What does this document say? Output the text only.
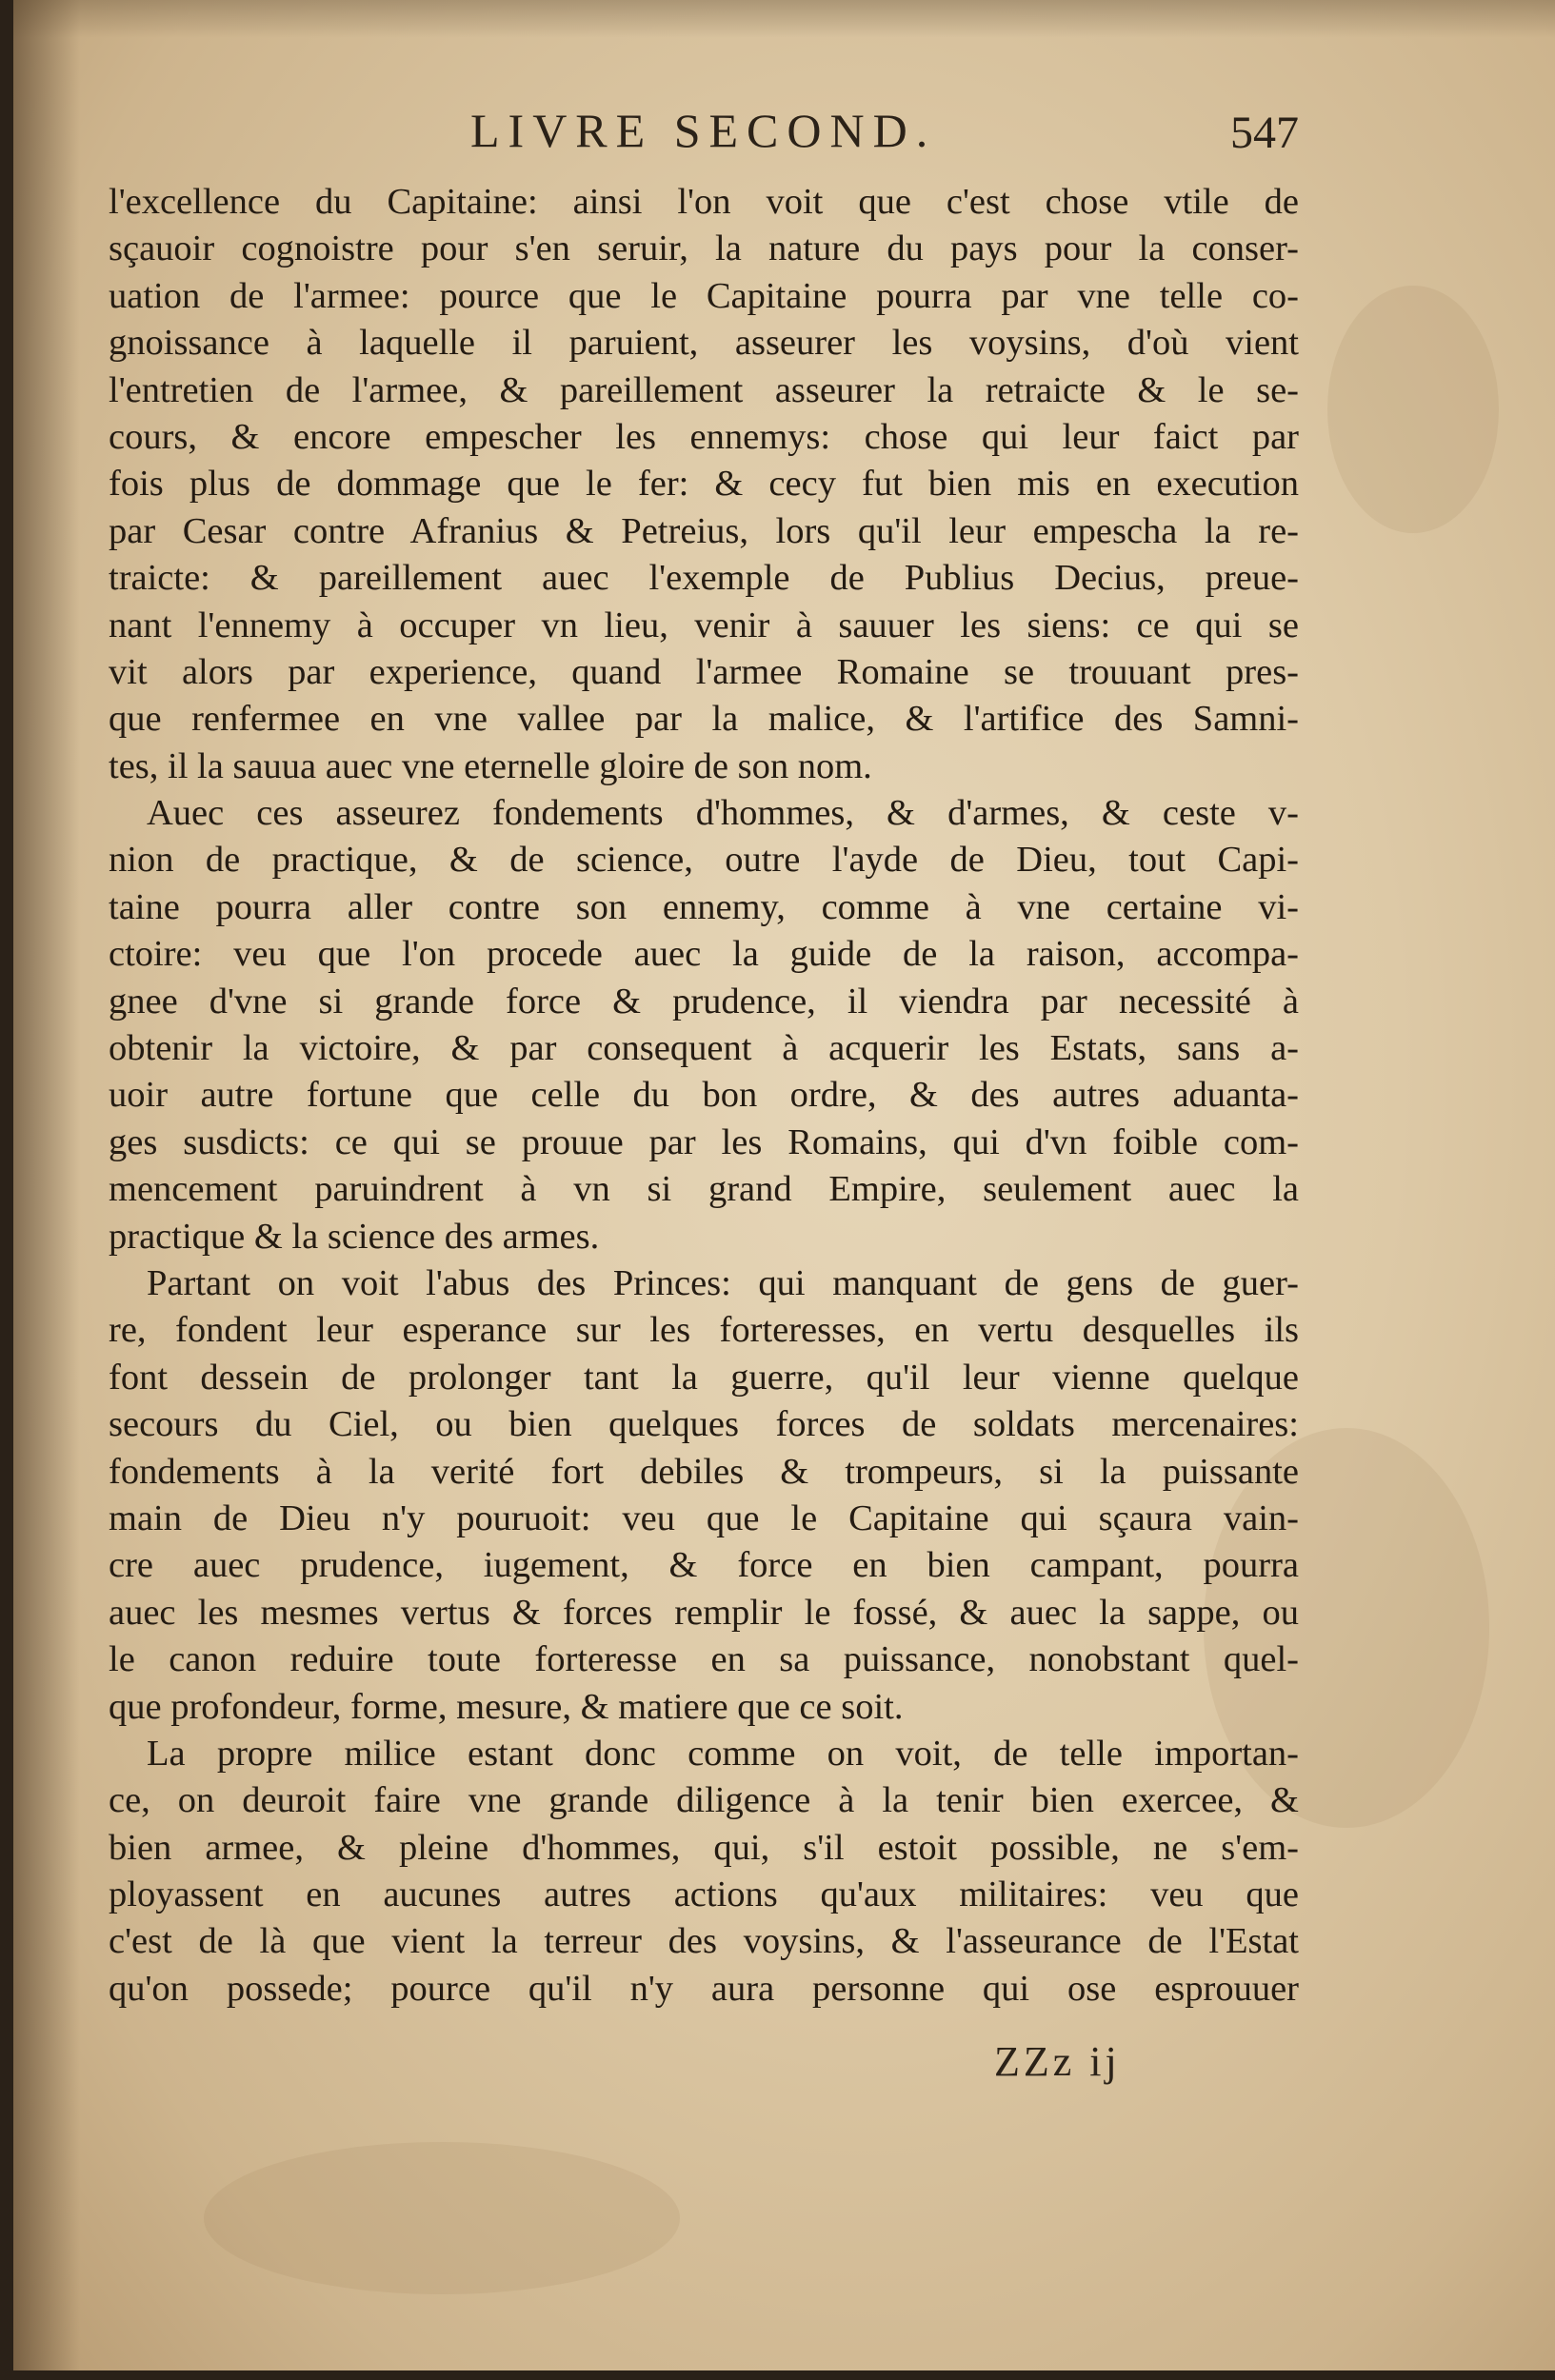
LIVRE SECOND.	547
l'excellence du Capitaine: ainsi l'on voit que c'est chose vtile de
sçauoir cognoistre pour s'en seruir, la nature du pays pour la conser-
uation de l'armee: pource que le Capitaine pourra par vne telle co-
gnoissance à laquelle il paruient, asseurer les voysins, d'où vient
l'entretien de l'armee, & pareillement asseurer la retraicte & le se-
cours, & encore empescher les ennemys: chose qui leur faict par
fois plus de dommage que le fer: & cecy fut bien mis en execution
par Cesar contre Afranius & Petreius, lors qu'il leur empescha la re-
traicte: & pareillement auec l'exemple de Publius Decius, preue-
nant l'ennemy à occuper vn lieu, venir à sauuer les siens: ce qui se
vit alors par experience, quand l'armee Romaine se trouuant pres-
que renfermee en vne vallee par la malice, & l'artifice des Samni-
tes, il la sauua auec vne eternelle gloire de son nom.
Auec ces asseurez fondements d'hommes, & d'armes, & ceste v-
nion de practique, & de science, outre l'ayde de Dieu, tout Capi-
taine pourra aller contre son ennemy, comme à vne certaine vi-
ctoire: veu que l'on procede auec la guide de la raison, accompa-
gnee d'vne si grande force & prudence, il viendra par necessité à
obtenir la victoire, & par consequent à acquerir les Estats, sans a-
uoir autre fortune que celle du bon ordre, & des autres aduanta-
ges susdicts: ce qui se prouue par les Romains, qui d'vn foible com-
mencement paruindrent à vn si grand Empire, seulement auec la
practique & la science des armes.
Partant on voit l'abus des Princes: qui manquant de gens de guer-
re, fondent leur esperance sur les forteresses, en vertu desquelles ils
font dessein de prolonger tant la guerre, qu'il leur vienne quelque
secours du Ciel, ou bien quelques forces de soldats mercenaires:
fondements à la verité fort debiles & trompeurs, si la puissante
main de Dieu n'y pouruoit: veu que le Capitaine qui sçaura vain-
cre auec prudence, iugement, & force en bien campant, pourra
auec les mesmes vertus & forces remplir le fossé, & auec la sappe, ou
le canon reduire toute forteresse en sa puissance, nonobstant quel-
que profondeur, forme, mesure, & matiere que ce soit.
La propre milice estant donc comme on voit, de telle importan-
ce, on deuroit faire vne grande diligence à la tenir bien exercee, &
bien armee, & pleine d'hommes, qui, s'il estoit possible, ne s'em-
ployassent en aucunes autres actions qu'aux militaires: veu que
c'est de là que vient la terreur des voysins, & l'asseurance de l'Estat
qu'on possede; pource qu'il n'y aura personne qui ose esprouuer
ZZz ij
